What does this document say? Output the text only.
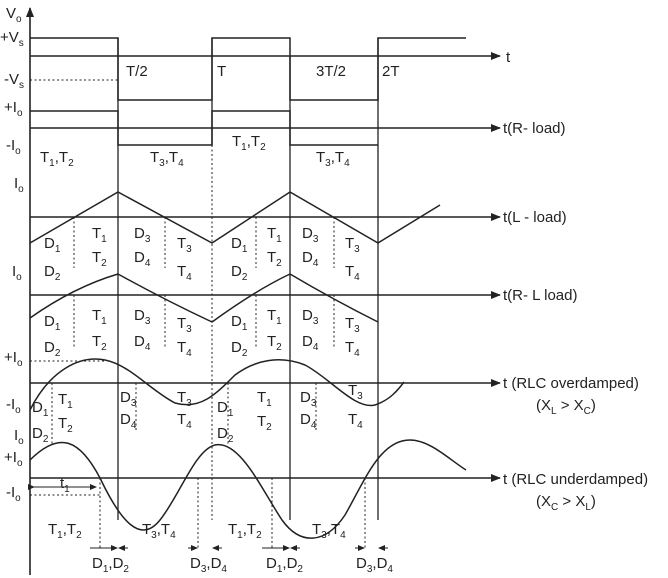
$V_o$
$+V_s$
$-V_s$
$+I_o$
$-I_o$
$I_o$
$I_o$
$+I_o$
$-I_o$
$I_o$
$+I_o$
$-I_o$
T/2	T	3T/2 2T
t
t(R- load)
t(L - load)
t(R- L load)
t (RLC overdamped)
$(X_L > X_C)$
t (RLC underdamped)
$(X_C > X_L)$
$T_1,T_2$	$T_3,T_4$
$T_1,T_2$
$T_3,T_4$
$D_1$
$D_2$
$T_1$
$T_2$
$D_3$
$D_4$
$T_3$
$T_4$
$D_1$
$D_2$
$T_1$
$T_2$
$D_3$
$D_4$
$T_3$
$T_4$
$D_1$
$D_2$
$T_1$
$T_2$
$D_3$
$D_4$
$T_3$
$T_4$
$D_1$
$D_2$
$T_1$
$T_2$
$D_3$
$D_4$
$T_3$
$T_4$
$D_1$
$D_2$
$T_1$
$T_2$
$D_3$
$D_4$
$T_3$
$T_4$
$D_1$
$D_2$
$T_1$
$T_2$
$D_3$
$D_4$
$T_3$
$T_4$
$t_1$
$T_1,T_2$	$T_3,T_4$	$T_1,T_2$	$T_3,T_4$
$D_1,D_2$	$D_3,D_4$	$D_1,D_2$	$D_3,D_4$
